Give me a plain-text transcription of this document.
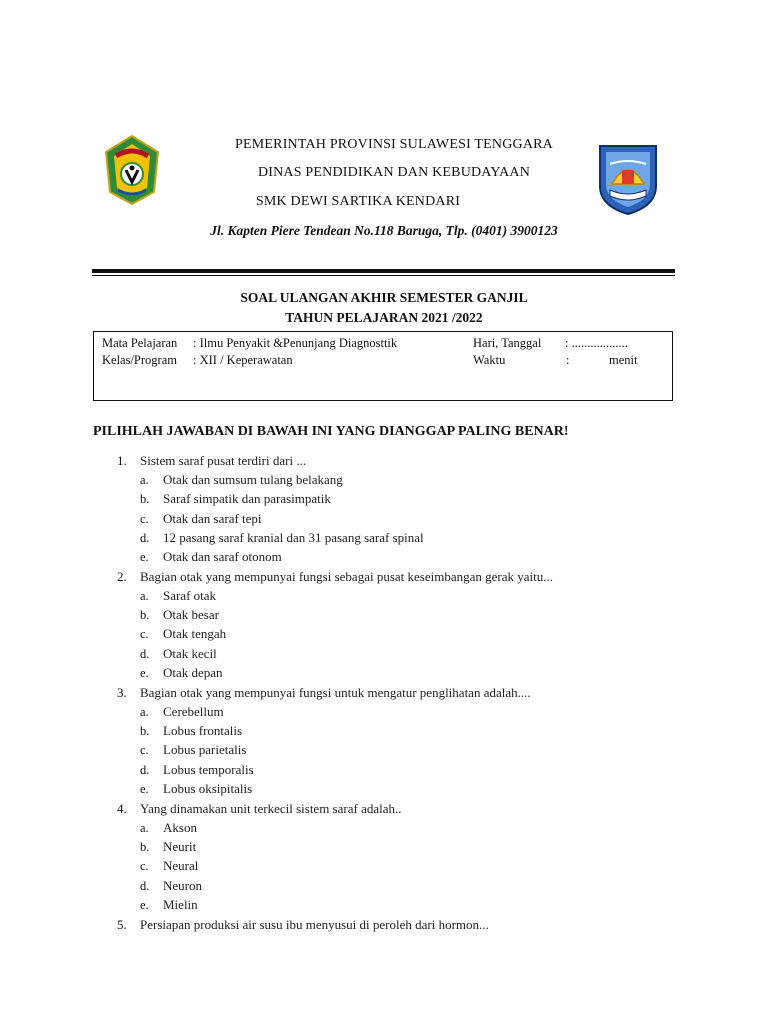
PEMERINTAH PROVINSI SULAWESI TENGGARA
DINAS PENDIDIKAN DAN KEBUDAYAAN
SMK DEWI SARTIKA KENDARI
Jl. Kapten Piere Tendean No.118 Baruga, Tlp. (0401) 3900123
SOAL ULANGAN AKHIR SEMESTER GANJIL
TAHUN PELAJARAN 2021 /2022
Mata Pelajaran : Ilmu Penyakit &Penunjang Diagnosttik
Kelas/Program : XII / Keperawatan
Hari, Tanggal : ..................
Waktu	:	menit
PILIHLAH JAWABAN DI BAWAH INI YANG DIANGGAP PALING BENAR!
1. Sistem saraf pusat terdiri dari ...
a. Otak dan sumsum tulang belakang
b. Saraf simpatik dan parasimpatik
c. Otak dan saraf tepi
d. 12 pasang saraf kranial dan 31 pasang saraf spinal
e. Otak dan saraf otonom
2. Bagian otak yang mempunyai fungsi sebagai pusat keseimbangan gerak yaitu...
a. Saraf otak
b. Otak besar
c. Otak tengah
d. Otak kecil
e. Otak depan
3. Bagian otak yang mempunyai fungsi untuk mengatur penglihatan adalah....
a. Cerebellum
b. Lobus frontalis
c. Lobus parietalis
d. Lobus temporalis
e. Lobus oksipitalis
4. Yang dinamakan unit terkecil sistem saraf adalah..
a. Akson
b. Neurit
c. Neural
d. Neuron
e. Mielin
5. Persiapan produksi air susu ibu menyusui di peroleh dari hormon...
